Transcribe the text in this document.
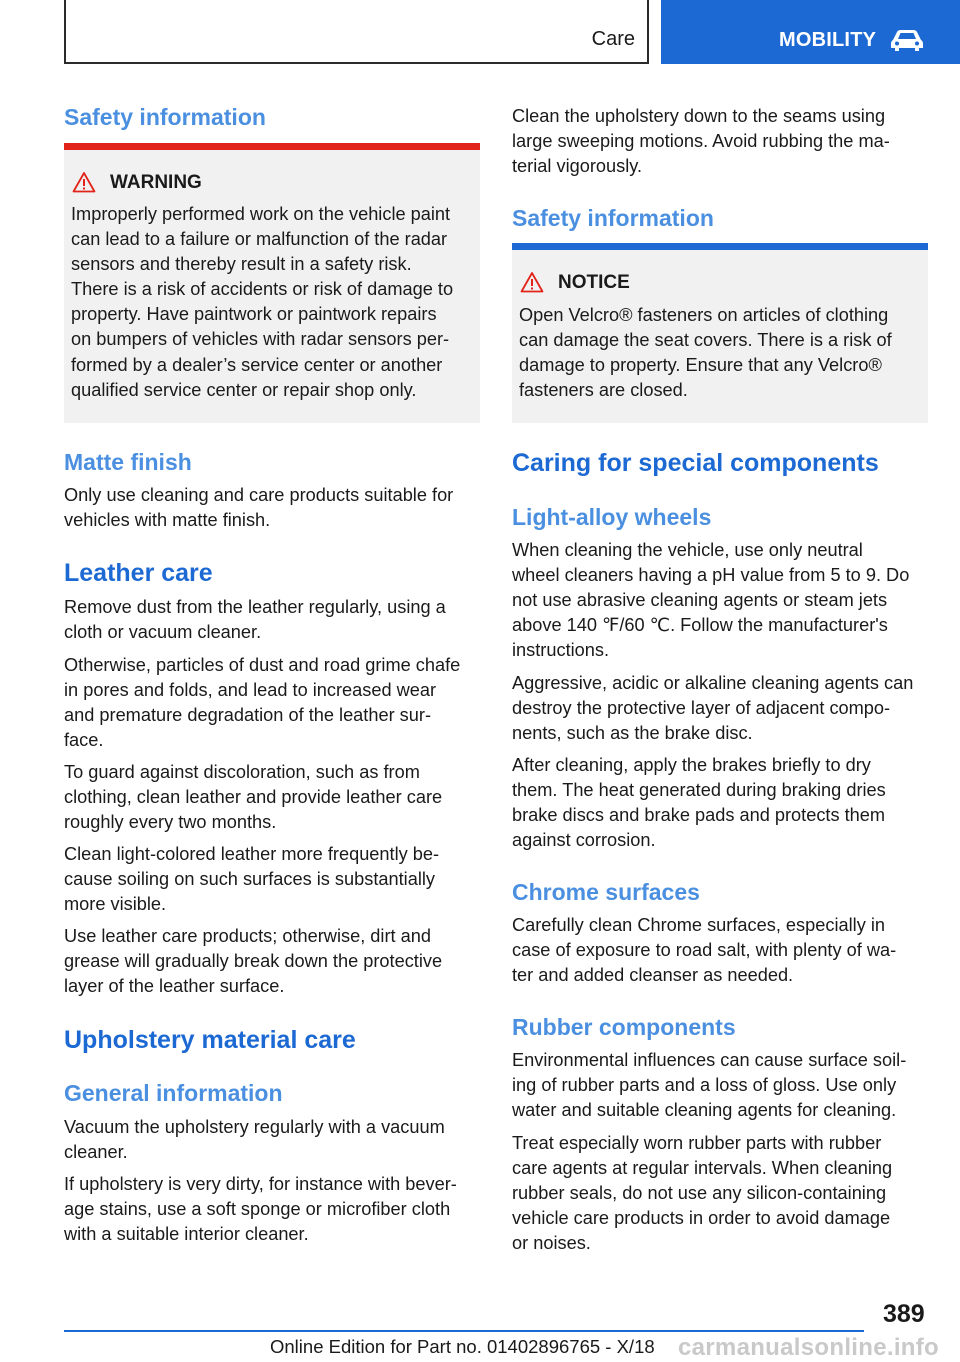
Care	MOBILITY
Safety information
WARNING
Improperly performed work on the vehicle paint
can lead to a failure or malfunction of the radar
sensors and thereby result in a safety risk.
There is a risk of accidents or risk of damage to
property. Have paintwork or paintwork repairs
on bumpers of vehicles with radar sensors per‐
formed by a dealer’s service center or another
qualified service center or repair shop only.
Matte finish
Only use cleaning and care products suitable for
vehicles with matte finish.
Leather care
Remove dust from the leather regularly, using a
cloth or vacuum cleaner.
Otherwise, particles of dust and road grime chafe
in pores and folds, and lead to increased wear
and premature degradation of the leather sur‐
face.
To guard against discoloration, such as from
clothing, clean leather and provide leather care
roughly every two months.
Clean light-colored leather more frequently be‐
cause soiling on such surfaces is substantially
more visible.
Use leather care products; otherwise, dirt and
grease will gradually break down the protective
layer of the leather surface.
Upholstery material care
General information
Vacuum the upholstery regularly with a vacuum
cleaner.
If upholstery is very dirty, for instance with bever‐
age stains, use a soft sponge or microfiber cloth
with a suitable interior cleaner.
Clean the upholstery down to the seams using
large sweeping motions. Avoid rubbing the ma‐
terial vigorously.
Safety information
NOTICE
Open Velcro® fasteners on articles of clothing
can damage the seat covers. There is a risk of
damage to property. Ensure that any Velcro®
fasteners are closed.
Caring for special components
Light-alloy wheels
When cleaning the vehicle, use only neutral
wheel cleaners having a pH value from 5 to 9. Do
not use abrasive cleaning agents or steam jets
above 140 ℉/60 ℃. Follow the manufacturer's
instructions.
Aggressive, acidic or alkaline cleaning agents can
destroy the protective layer of adjacent compo‐
nents, such as the brake disc.
After cleaning, apply the brakes briefly to dry
them. The heat generated during braking dries
brake discs and brake pads and protects them
against corrosion.
Chrome surfaces
Carefully clean Chrome surfaces, especially in
case of exposure to road salt, with plenty of wa‐
ter and added cleanser as needed.
Rubber components
Environmental influences can cause surface soil‐
ing of rubber parts and a loss of gloss. Use only
water and suitable cleaning agents for cleaning.
Treat especially worn rubber parts with rubber
care agents at regular intervals. When cleaning
rubber seals, do not use any silicon-containing
vehicle care products in order to avoid damage
or noises.
389
Online Edition for Part no. 01402896765 - X/18 carmanualsonline.info
